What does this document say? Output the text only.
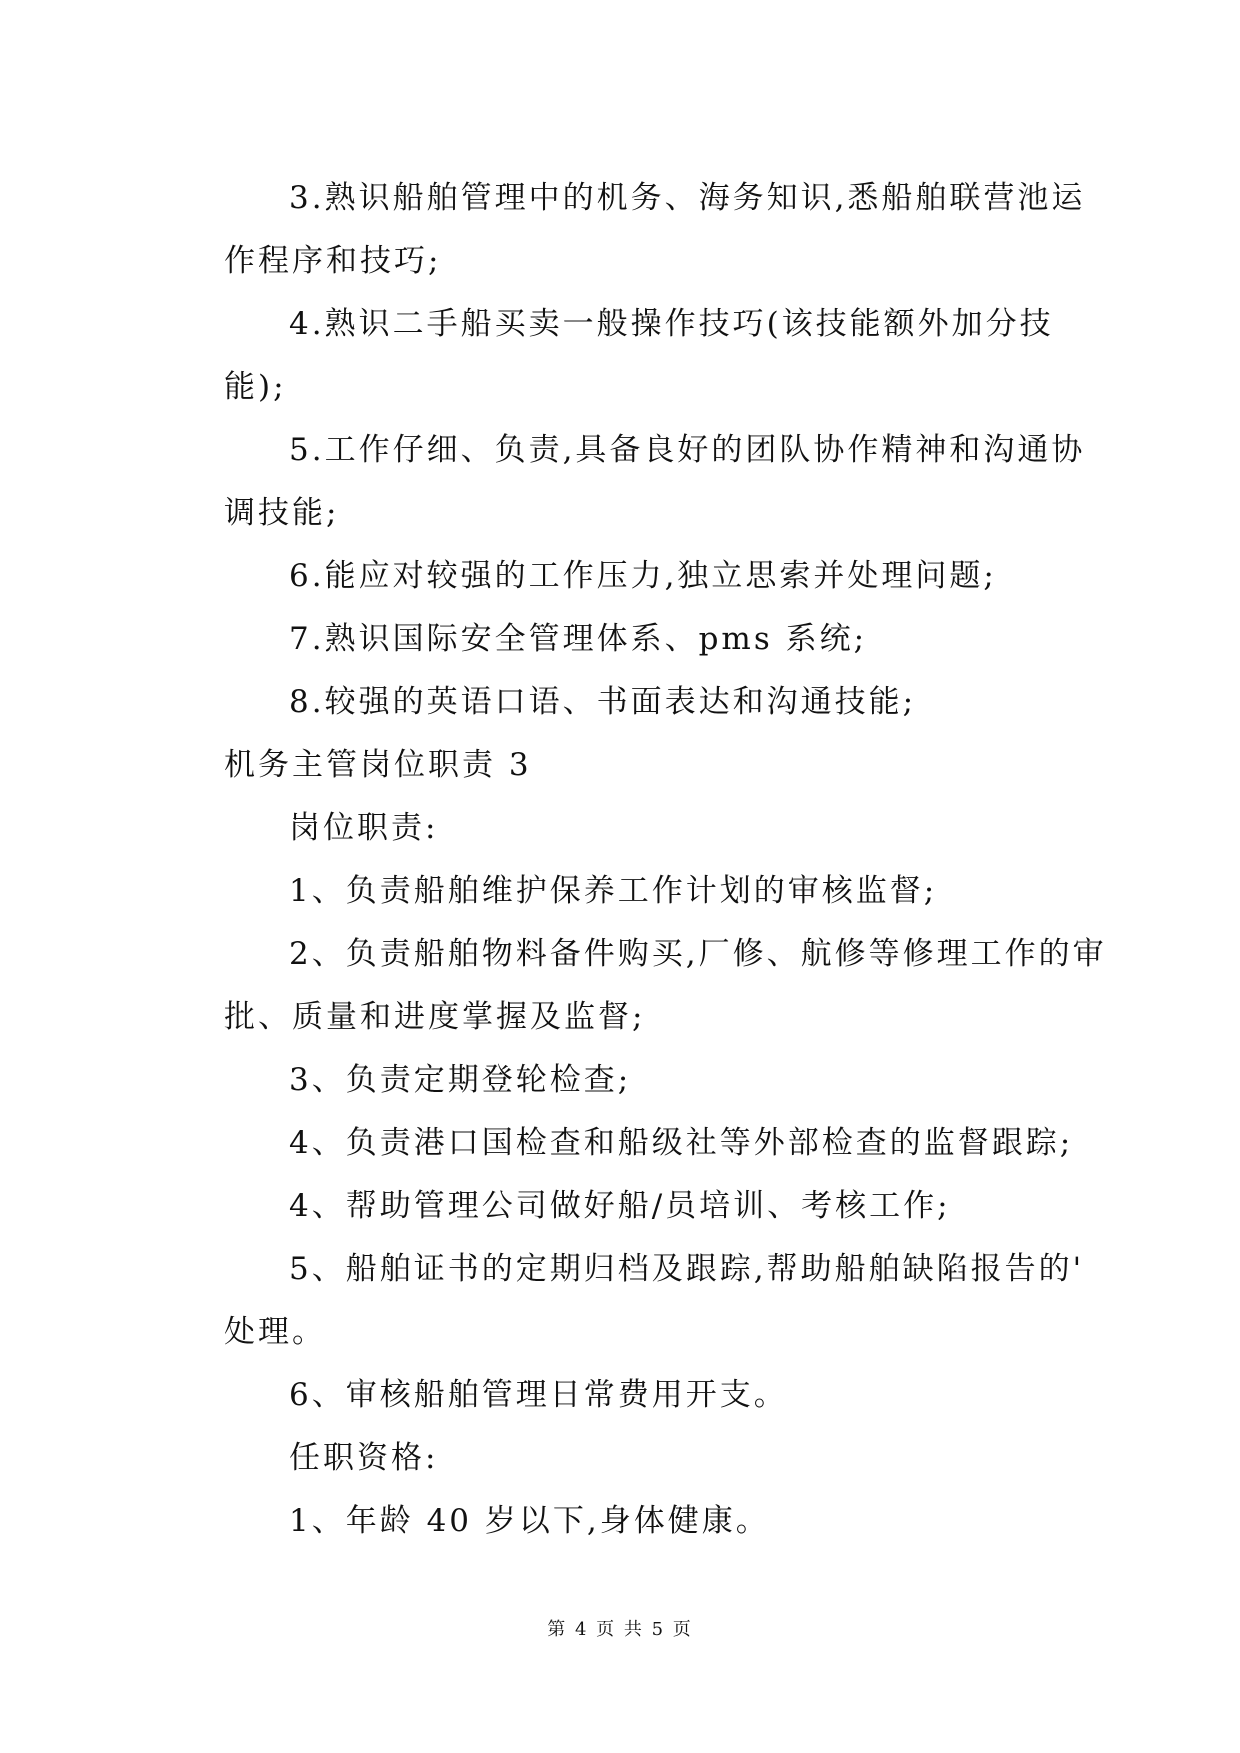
3.熟识船舶管理中的机务、海务知识,悉船舶联营池运
作程序和技巧;
4.熟识二手船买卖一般操作技巧(该技能额外加分技
能);
5.工作仔细、负责,具备良好的团队协作精神和沟通协
调技能;
6.能应对较强的工作压力,独立思索并处理问题;
7.熟识国际安全管理体系、pms 系统;
8.较强的英语口语、书面表达和沟通技能;
机务主管岗位职责 3
岗位职责:
1、负责船舶维护保养工作计划的审核监督;
2、负责船舶物料备件购买,厂修、航修等修理工作的审
批、质量和进度掌握及监督;
3、负责定期登轮检查;
4、负责港口国检查和船级社等外部检查的监督跟踪;
4、帮助管理公司做好船/员培训、考核工作;
5、船舶证书的定期归档及跟踪,帮助船舶缺陷报告的'
处理。
6、审核船舶管理日常费用开支。
任职资格:
1、年龄 40 岁以下,身体健康。
第 4 页 共 5 页
